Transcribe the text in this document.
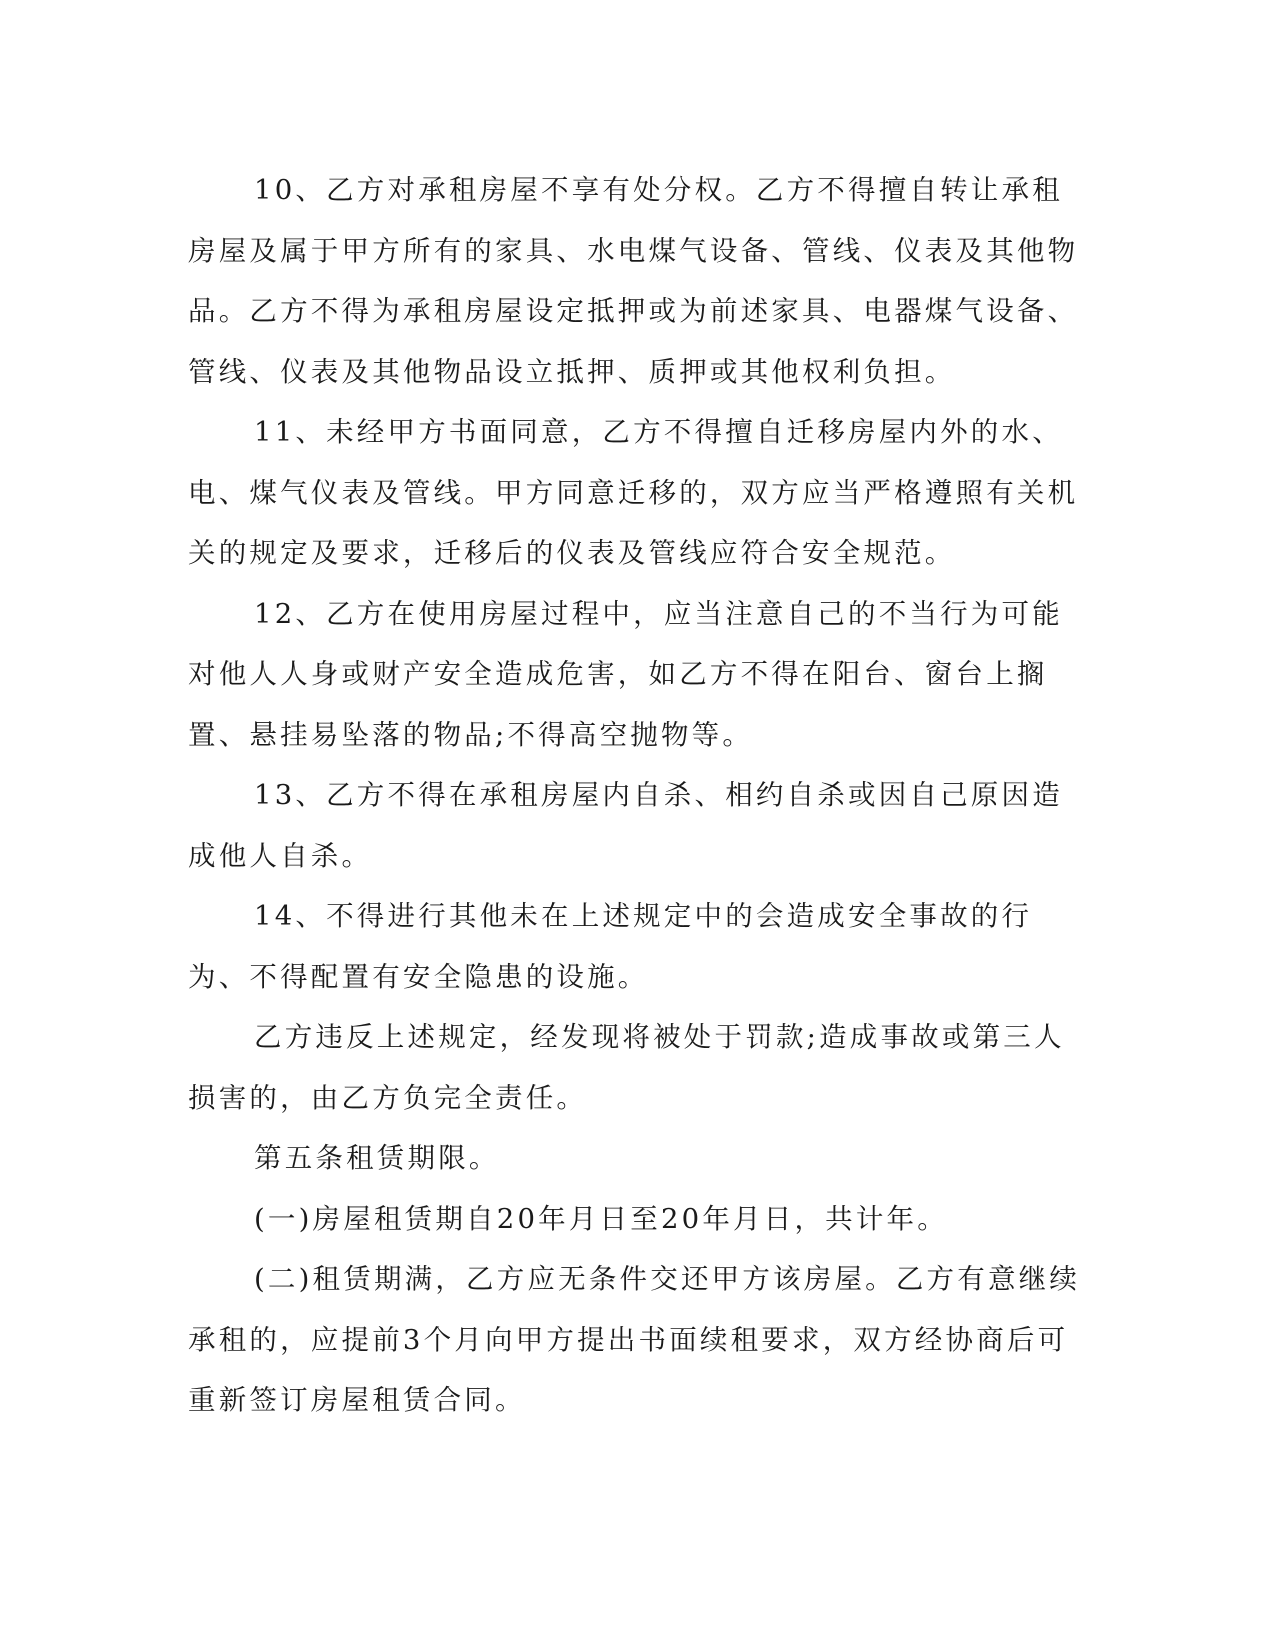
10、乙方对承租房屋不享有处分权。乙方不得擅自转让承租房屋及属于甲方所有的家具、水电煤气设备、管线、仪表及其他物品。乙方不得为承租房屋设定抵押或为前述家具、电器煤气设备、管线、仪表及其他物品设立抵押、质押或其他权利负担。

11、未经甲方书面同意，乙方不得擅自迁移房屋内外的水、电、煤气仪表及管线。甲方同意迁移的，双方应当严格遵照有关机关的规定及要求，迁移后的仪表及管线应符合安全规范。

12、乙方在使用房屋过程中，应当注意自己的不当行为可能对他人人身或财产安全造成危害，如乙方不得在阳台、窗台上搁置、悬挂易坠落的物品;不得高空抛物等。

13、乙方不得在承租房屋内自杀、相约自杀或因自己原因造成他人自杀。

14、不得进行其他未在上述规定中的会造成安全事故的行为、不得配置有安全隐患的设施。

乙方违反上述规定，经发现将被处于罚款;造成事故或第三人损害的，由乙方负完全责任。

第五条租赁期限。

(一)房屋租赁期自20年月日至20年月日，共计年。

(二)租赁期满，乙方应无条件交还甲方该房屋。乙方有意继续承租的，应提前3个月向甲方提出书面续租要求，双方经协商后可重新签订房屋租赁合同。
